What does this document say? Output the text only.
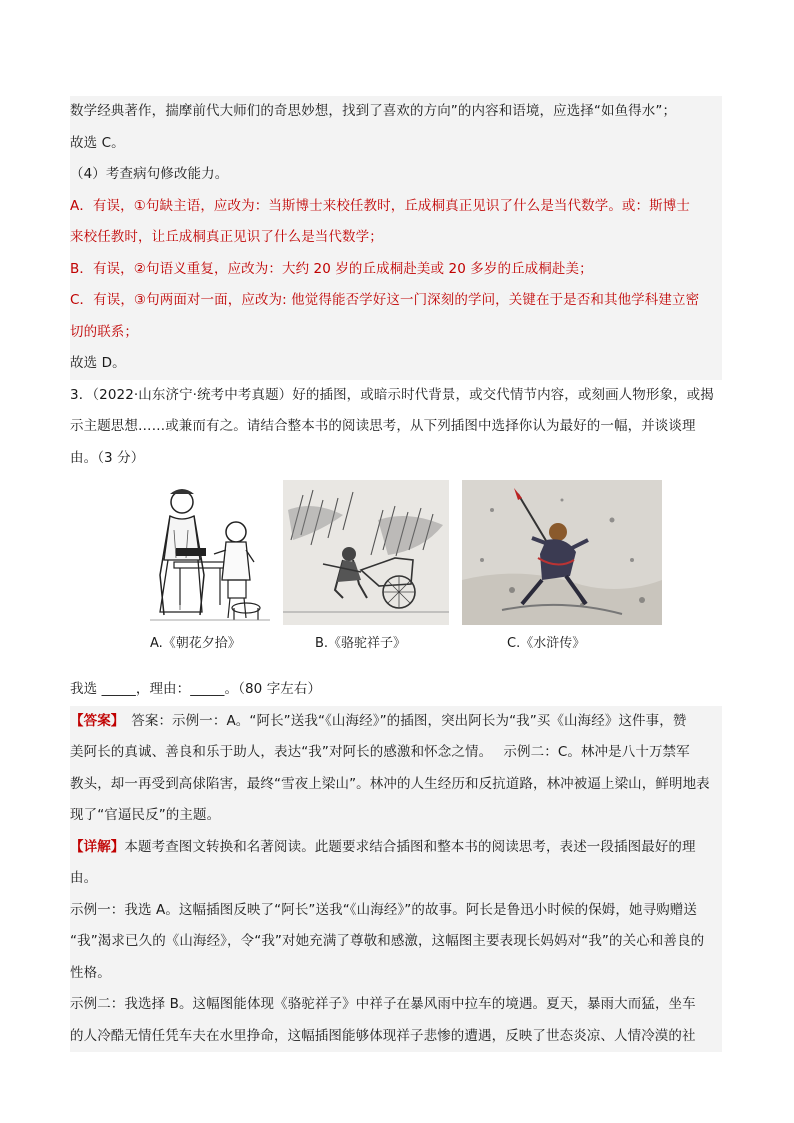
数学经典著作，揣摩前代大师们的奇思妙想，找到了喜欢的方向”的内容和语境，应选择“如鱼得水”；
故选 C。
（4）考查病句修改能力。
A．有误，①句缺主语，应改为：当斯博士来校任教时，丘成桐真正见识了什么是当代数学。或：斯博士
来校任教时，让丘成桐真正见识了什么是当代数学；
B．有误，②句语义重复，应改为：大约 20 岁的丘成桐赴美或 20 多岁的丘成桐赴美；
C．有误，③句两面对一面，应改为: 他觉得能否学好这一门深刻的学问，关键在于是否和其他学科建立密
切的联系；
故选 D。
3．（2022·山东济宁·统考中考真题）好的插图，或暗示时代背景，或交代情节内容，或刻画人物形象，或揭
示主题思想……或兼而有之。请结合整本书的阅读思考，从下列插图中选择你认为最好的一幅，并谈谈理
由。（3 分）
A.《朝花夕拾》	B.《骆驼祥子》	C.《水浒传》
我选 _____，理由：_____。（80 字左右）
【答案】　答案：示例一：A。“阿长”送我“《山海经》”的插图，突出阿长为“我”买《山海经》这件事，赞
美阿长的真诚、善良和乐于助人，表达“我”对阿长的感激和怀念之情。　 示例二：C。林冲是八十万禁军
教头，却一再受到高俅陷害，最终“雪夜上梁山”。林冲的人生经历和反抗道路，林冲被逼上梁山，鲜明地表
现了“官逼民反”的主题。
【详解】本题考查图文转换和名著阅读。此题要求结合插图和整本书的阅读思考，表述一段插图最好的理
由。
示例一：我选 A。这幅插图反映了“阿长”送我“《山海经》”的故事。阿长是鲁迅小时候的保姆，她寻购赠送
“我”渴求已久的《山海经》，令“我”对她充满了尊敬和感激，这幅图主要表现长妈妈对“我”的关心和善良的
性格。
示例二：我选择 B。这幅图能体现《骆驼祥子》中祥子在暴风雨中拉车的境遇。夏天，暴雨大而猛，坐车
的人冷酷无情任凭车夫在水里挣命，这幅插图能够体现祥子悲惨的遭遇，反映了世态炎凉、人情冷漠的社
